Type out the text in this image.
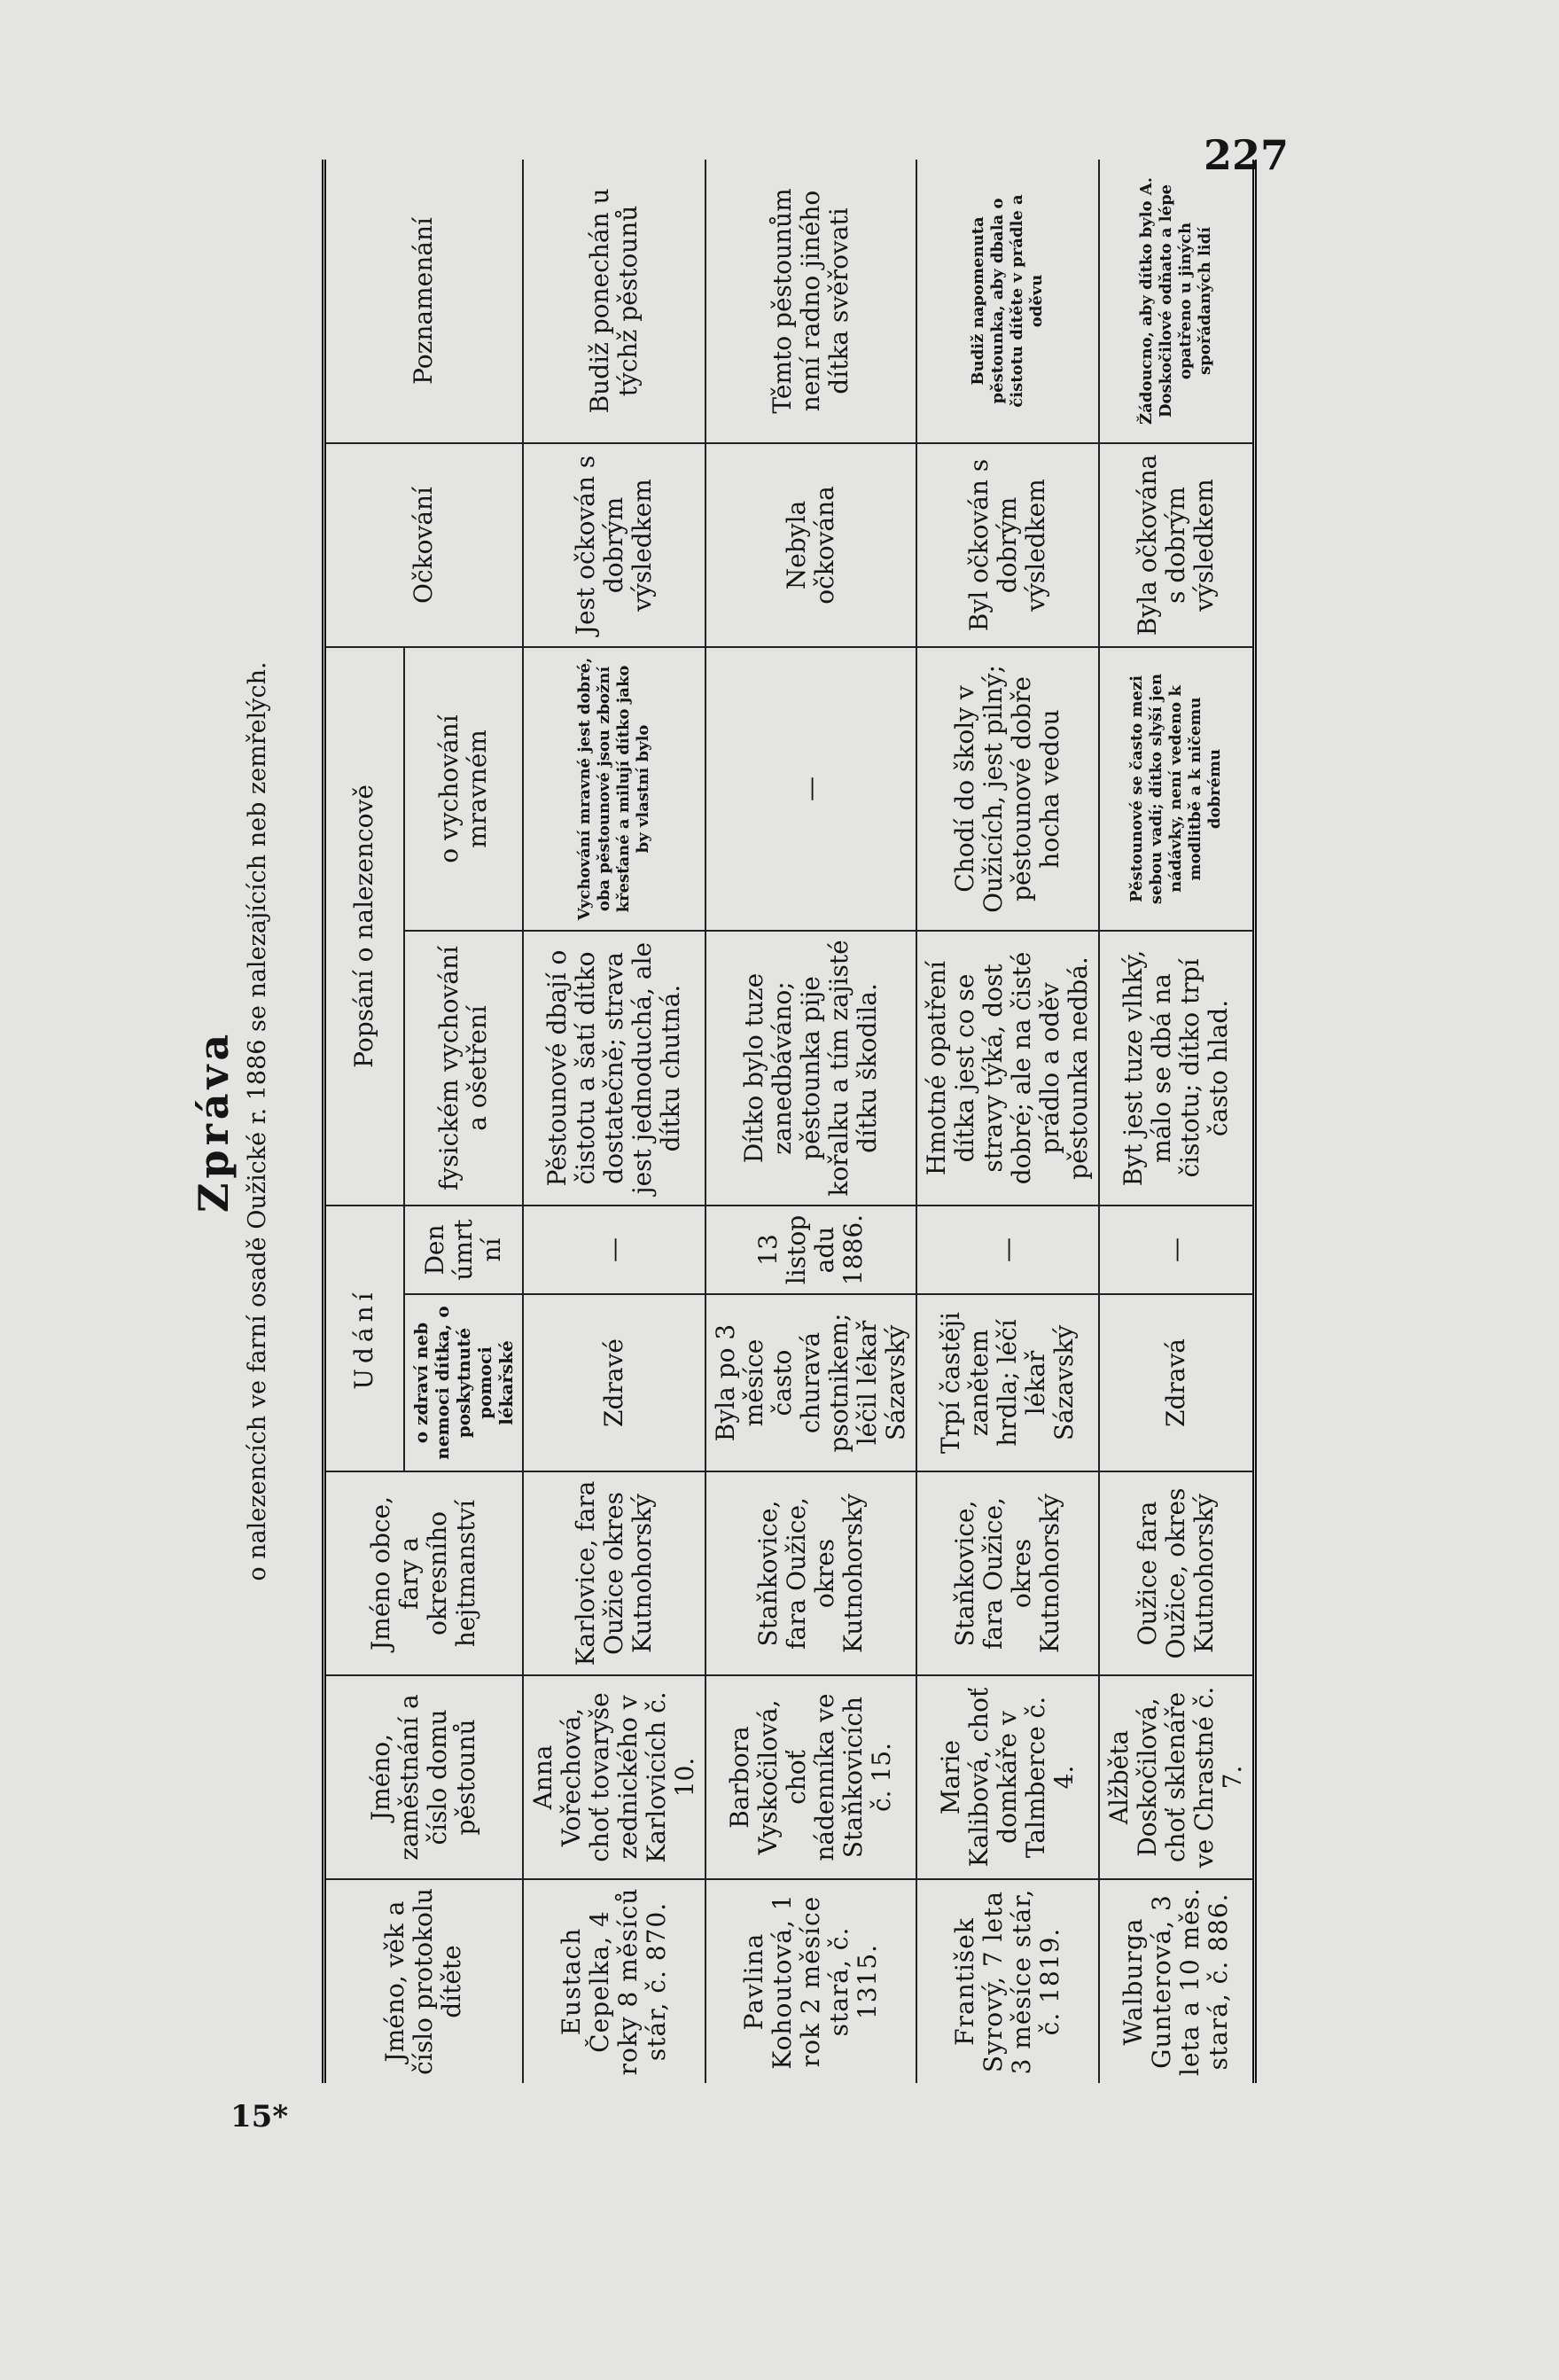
227
Zpráva o nalezencích ve farní osadě Oužické r. 1886 se nalezajících neb zemřelých.
Jméno, věk a číslo protokolu dítěte	Jméno, zaměstnání a číslo domu pěstounů	Jméno obce, fary a okresního hejtmanství	Udání		Popsání o nalezencově		Očkování	Poznamenání
			o zdraví neb nemoci dítka, o poskytnuté pomoci lékařské	Den úmrtní	fysickém vychování a ošetření	o vychování mravném		
Eustach Čepelka, 4 roky 8 měsíců stár, č. 870.	Anna Vořechová, choť tovaryše zednického v Karlovicích č. 10.	Karlovice, fara Oužice okres Kutnohorský	Zdravé	—	Pěstounové dbají o čistotu a šatí dítko dostatečně; strava jest jednoduchá, ale dítku chutná.	Vychování mravné jest dobré, oba pěstounové jsou zbožní křesťané a milují dítko jako by vlastní bylo	Jest očkován s dobrým výsledkem	Budiž ponechán u týchž pěstounů
Pavlina Kohoutová, 1 rok 2 měsíce stará, č. 1315.	Barbora Vyskočilová, choť nádenníka ve Staňkovicích č. 15.	Staňkovice, fara Oužice, okres Kutnohorský	Byla po 3 měsíce často churavá psotnikem; léčil lékař Sázavský	13 listopadu 1886.	Dítko bylo tuze zanedbáváno; pěstounka pije kořalku a tím zajisté dítku škodila.	—	Nebyla očkována	Těmto pěstounům není radno jiného dítka svěřovati
František Syrový, 7 leta 3 měsíce stár, č. 1819.	Marie Kalibová, choť domkáře v Talmberce č. 4.	Staňkovice, fara Oužice, okres Kutnohorský	Trpí častěji zanětem hrdla; léčí lékař Sázavský	—	Hmotné opatření dítka jest co se stravy týká, dost dobré; ale na čisté prádlo a oděv pěstounka nedbá.	Chodí do školy v Oužicích, jest pilný; pěstounové dobře hocha vedou	Byl očkován s dobrým výsledkem	Budiž napomenuta pěstounka, aby dbala o čistotu dítěte v prádle a oděvu
Walburga Gunterová, 3 leta a 10 měs. stará, č. 886.	Alžběta Doskočilová, choť sklenáře ve Chrastné č. 7.	Oužice fara Oužice, okres Kutnohorský	Zdravá	—	Byt jest tuze vlhký, málo se dbá na čistotu; dítko trpí často hlad.	Pěstounové se často mezi sebou vadí; dítko slyší jen nádávky, není vedeno k modlitbě a k ničemu dobrému	Byla očkována s dobrým výsledkem	Žádoucno, aby dítko bylo A. Doskočilové odňato a lépe opatřeno u jiných spořádaných lidí
15*
